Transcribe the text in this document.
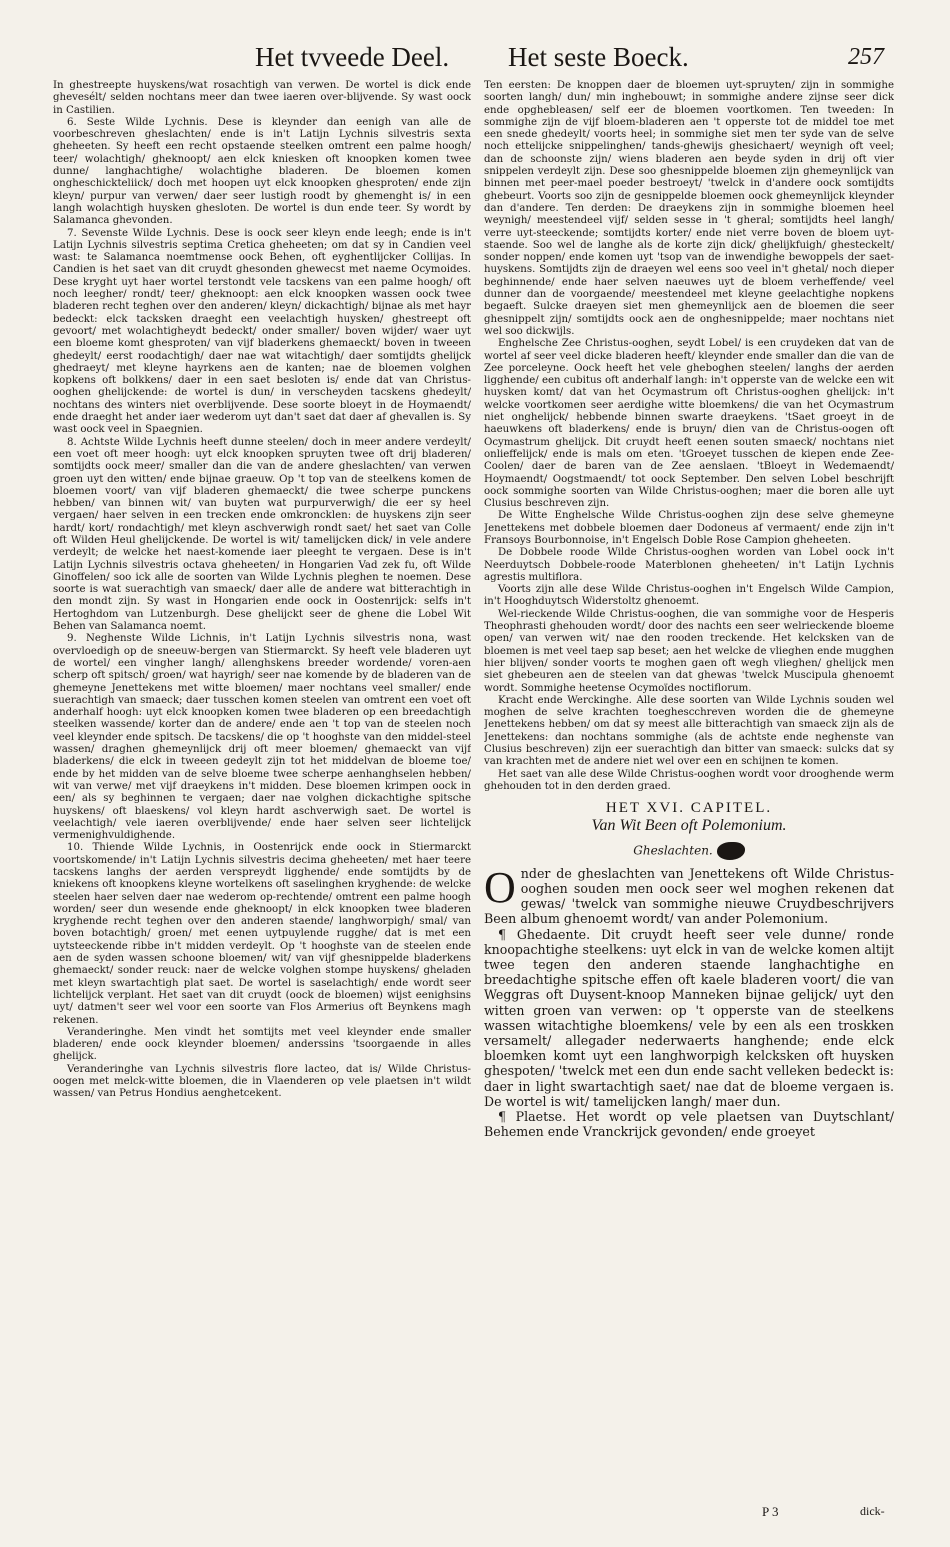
Het tvveede Deel. Het seste Boeck.	257

In ghestreepte huyskens/wat rosachtigh van verwen. De wortel is dick ende ghevesélt/ selden nochtans meer dan twee iaeren over-blijvende. Sy wast oock in Castilien.

6. Seste Wilde Lychnis. Dese is kleynder dan eenigh van alle de voorbeschreven gheslachten/ ende is in't Latijn Lychnis silvestris sexta gheheeten. Sy heeft een recht opstaende steelken omtrent een palme hoogh/ teer/ wolachtigh/ gheknoopt/ aen elck kniesken oft knoopken komen twee dunne/ langhachtighe/ wolachtighe bladeren. De bloemen komen ongheschickteliick/ doch met hoopen uyt elck knoopken ghesproten/ ende zijn kleyn/ purpur van verwen/ daer seer lustigh roodt by ghemenght is/ in een langh wolachtigh huysken ghesloten. De wortel is dun ende teer. Sy wordt by Salamanca ghevonden.

7. Sevenste Wilde Lychnis. Dese is oock seer kleyn ende leegh; ende is in't Latijn Lychnis silvestris septima Cretica gheheeten; om dat sy in Candien veel wast: te Salamanca noemtmense oock Behen, oft eyghentlijcker Collijas. In Candien is het saet van dit cruydt ghesonden ghewecst met naeme Ocymoides. Dese kryght uyt haer wortel terstondt vele tacskens van een palme hoogh/ oft noch leegher/ rondt/ teer/ gheknoopt: aen elck knoopken wassen oock twee bladeren recht teghen over den anderen/ kleyn/ dickachtigh/ bijnae als met hayr bedeckt: elck tacksken draeght een veelachtigh huysken/ ghestreept oft gevoort/ met wolachtigheydt bedeckt/ onder smaller/ boven wijder/ waer uyt een bloeme komt ghesproten/ van vijf bladerkens ghemaeckt/ boven in tweeen ghedeylt/ eerst roodachtigh/ daer nae wat witachtigh/ daer somtijdts ghelijck ghedraeyt/ met kleyne hayrkens aen de kanten; nae de bloemen volghen kopkens oft bolkkens/ daer in een saet besloten is/ ende dat van Christus-ooghen ghelijckende: de wortel is dun/ in verscheyden tacskens ghedeylt/ nochtans des winters niet overblijvende. Dese soorte bloeyt in de Hoymaendt/ ende draeght het ander iaer wederom uyt dan't saet dat daer af ghevallen is. Sy wast oock veel in Spaegnien.

8. Achtste Wilde Lychnis heeft dunne steelen/ doch in meer andere verdeylt/ een voet oft meer hoogh: uyt elck knoopken spruyten twee oft drij bladeren/ somtijdts oock meer/ smaller dan die van de andere gheslachten/ van verwen groen uyt den witten/ ende bijnae graeuw. Op 't top van de steelkens komen de bloemen voort/ van vijf bladeren ghemaeckt/ die twee scherpe punckens hebben/ van binnen wit/ van buyten wat purpurverwigh/ die eer sy heel vergaen/ haer selven in een trecken ende omkroncklen: de huyskens zijn seer hardt/ kort/ rondachtigh/ met kleyn aschverwigh rondt saet/ het saet van Colle oft Wilden Heul ghelijckende. De wortel is wit/ tamelijcken dick/ in vele andere verdeylt; de welcke het naest-komende iaer pleeght te vergaen. Dese is in't Latijn Lychnis silvestris octava gheheeten/ in Hongarien Vad zek fu, oft Wilde Ginoffelen/ soo ick alle de soorten van Wilde Lychnis pleghen te noemen. Dese soorte is wat suerachtigh van smaeck/ daer alle de andere wat bitterachtigh in den mondt zijn. Sy wast in Hongarien ende oock in Oostenrijck: selfs in't Hertoghdom van Lutzenburgh. Dese ghelijckt seer de ghene die Lobel Wit Behen van Salamanca noemt.

9. Neghenste Wilde Lichnis, in't Latijn Lychnis silvestris nona, wast overvloedigh op de sneeuw-bergen van Stiermarckt. Sy heeft vele bladeren uyt de wortel/ een vingher langh/ allenghskens breeder wordende/ voren-aen scherp oft spitsch/ groen/ wat hayrigh/ seer nae komende by de bladeren van de ghemeyne Jenettekens met witte bloemen/ maer nochtans veel smaller/ ende suerachtigh van smaeck; daer tusschen komen steelen van omtrent een voet oft anderhalf hoogh: uyt elck knoopken komen twee bladeren op een breedachtigh steelken wassende/ korter dan de andere/ ende aen 't top van de steelen noch veel kleynder ende spitsch. De tacskens/ die op 't hooghste van den middel-steel wassen/ draghen ghemeynlijck drij oft meer bloemen/ ghemaeckt van vijf bladerkens/ die elck in tweeen gedeylt zijn tot het middelvan de bloeme toe/ ende by het midden van de selve bloeme twee scherpe aenhanghselen hebben/ wit van verwe/ met vijf draeykens in't midden. Dese bloemen krimpen oock in een/ als sy beghinnen te vergaen; daer nae volghen dickachtighe spitsche huyskens/ oft blaeskens/ vol kleyn hardt aschverwigh saet. De wortel is veelachtigh/ vele iaeren overblijvende/ ende haer selven seer lichtelijck vermenighvuldighende.

10. Thiende Wilde Lychnis, in Oostenrijck ende oock in Stiermarckt voortskomende/ in't Latijn Lychnis silvestris decima gheheeten/ met haer teere tacskens langhs der aerden verspreydt ligghende/ ende somtijdts by de kniekens oft knoopkens kleyne wortelkens oft saselinghen kryghende: de welcke steelen haer selven daer nae wederom op-rechtende/ omtrent een palme hoogh worden/ seer dun wesende ende gheknoopt/ in elck knoopken twee bladeren kryghende recht teghen over den anderen staende/ langhworpigh/ smal/ van boven botachtigh/ groen/ met eenen uytpuylende rugghe/ dat is met een uytsteeckende ribbe in't midden verdeylt. Op 't hooghste van de steelen ende aen de syden wassen schoone bloemen/ wit/ van vijf ghesnippelde bladerkens ghemaeckt/ sonder reuck: naer de welcke volghen stompe huyskens/ gheladen met kleyn swartachtigh plat saet. De wortel is saselachtigh/ ende wordt seer lichtelijck verplant. Het saet van dit cruydt (oock de bloemen) wijst eenighsins uyt/ datmen't seer wel voor een soorte van Flos Armerius oft Beynkens magh rekenen.

Veranderinghe. Men vindt het somtijts met veel kleynder ende smaller bladeren/ ende oock kleynder bloemen/ anderssins 'tsoorgaende in alles ghelijck.

Veranderinghe van Lychnis silvestris flore lacteo, dat is/ Wilde Christus-oogen met melck-witte bloemen, die in Vlaenderen op vele plaetsen in't wildt wassen/ van Petrus Hondius aenghetcekent.

Ten eersten: De knoppen daer de bloemen uyt-spruyten/ zijn in sommighe soorten langh/ dun/ min inghebouwt; in sommighe andere zijnse seer dick ende opghebleasen/ self eer de bloemen voortkomen. Ten tweeden: In sommighe zijn de vijf bloem-bladeren aen 't opperste tot de middel toe met een snede ghedeylt/ voorts heel; in sommighe siet men ter syde van de selve noch ettelijcke snippelinghen/ tands-ghewijs ghesichaert/ weynigh oft veel; dan de schoonste zijn/ wiens bladeren aen beyde syden in drij oft vier snippelen verdeylt zijn. Dese soo ghesnippelde bloemen zijn ghemeynlijck van binnen met peer-mael poeder bestroeyt/ 'twelck in d'andere oock somtijdts ghebeurt. Voorts soo zijn de gesnippelde bloemen oock ghemeynlijck kleynder dan d'andere. Ten derden: De draeykens zijn in sommighe bloemen heel weynigh/ meestendeel vijf/ selden sesse in 't gheral; somtijdts heel langh/ verre uyt-steeckende; somtijdts korter/ ende niet verre boven de bloem uyt-staende. Soo wel de langhe als de korte zijn dick/ ghelijkfuigh/ ghesteckelt/ sonder noppen/ ende komen uyt 'tsop van de inwendighe bewoppels der saet-huyskens. Somtijdts zijn de draeyen wel eens soo veel in't ghetal/ noch dieper beghinnende/ ende haer selven naeuwes uyt de bloem verheffende/ veel dunner dan de voorgaende/ meestendeel met kleyne geelachtighe nopkens begaeft. Sulcke draeyen siet men ghemeynlijck aen de bloemen die seer ghesnippelt zijn/ somtijdts oock aen de onghesnippelde; maer nochtans niet wel soo dickwijls.

Enghelsche Zee Christus-ooghen, seydt Lobel/ is een cruydeken dat van de wortel af seer veel dicke bladeren heeft/ kleynder ende smaller dan die van de Zee porceleyne. Oock heeft het vele gheboghen steelen/ langhs der aerden ligghende/ een cubitus oft anderhalf langh: in't opperste van de welcke een wit huysken komt/ dat van het Ocymastrum oft Christus-ooghen ghelijck: in't welcke voortkomen seer aerdighe witte bloemkens/ die van het Ocymastrum niet onghelijck/ hebbende binnen swarte draeykens. 'tSaet groeyt in de haeuwkens oft bladerkens/ ende is bruyn/ dien van de Christus-oogen oft Ocymastrum ghelijck. Dit cruydt heeft eenen souten smaeck/ nochtans niet onlieffelijck/ ende is mals om eten. 'tGroeyet tusschen de kiepen ende Zee-Coolen/ daer de baren van de Zee aenslaen. 'tBloeyt in Wedemaendt/ Hoymaendt/ Oogstmaendt/ tot oock September. Den selven Lobel beschrijft oock sommighe soorten van Wilde Christus-ooghen; maer die boren alle uyt Clusius beschreven zijn.

De Witte Enghelsche Wilde Christus-ooghen zijn dese selve ghemeyne Jenettekens met dobbele bloemen daer Dodoneus af vermaent/ ende zijn in't Fransoys Bourbonnoise, in't Engelsch Doble Rose Campion gheheeten.

De Dobbele roode Wilde Christus-ooghen worden van Lobel oock in't Neerduytsch Dobbele-roode Materblonen gheheeten/ in't Latijn Lychnis agrestis multiflora.

Voorts zijn alle dese Wilde Christus-ooghen in't Engelsch Wilde Campion, in't Hooghduytsch Widerstoltz ghenoemt.

Wel-rieckende Wilde Christus-ooghen, die van sommighe voor de Hesperis Theophrasti ghehouden wordt/ door des nachts een seer welrieckende bloeme open/ van verwen wit/ nae den rooden treckende. Het kelcksken van de bloemen is met veel taep sap beset; aen het welcke de vlieghen ende mugghen hier blijven/ sonder voorts te moghen gaen oft wegh vlieghen/ ghelijck men siet ghebeuren aen de steelen van dat ghewas 'twelck Muscipula ghenoemt wordt. Sommighe heetense Ocymoïdes noctiflorum.

Kracht ende Werckinghe. Alle dese soorten van Wilde Lychnis souden wel moghen de selve krachten toeghescchreven worden die de ghemeyne Jenettekens hebben/ om dat sy meest alle bitterachtigh van smaeck zijn als de Jenettekens: dan nochtans sommighe (als de achtste ende neghenste van Clusius beschreven) zijn eer suerachtigh dan bitter van smaeck: sulcks dat sy van krachten met de andere niet wel over een en schijnen te komen.

Het saet van alle dese Wilde Christus-ooghen wordt voor drooghende werm ghehouden tot in den derden graed.

HET XVI. CAPITEL.
Van Wit Been oft Polemonium.
Gheslachten.

Onder de gheslachten van Jenettekens oft Wilde Christus-ooghen souden men oock seer wel moghen rekenen dat gewas/ 'twelck van sommighe nieuwe Cruydbeschrijvers Been album ghenoemt wordt/ van ander Polemonium.

¶ Ghedaente. Dit cruydt heeft seer vele dunne/ ronde knoopachtighe steelkens: uyt elck in van de welcke komen altijt twee tegen den anderen staende langhachtighe en breedachtighe spitsche effen oft kaele bladeren voort/ die van Weggras oft Duysent-knoop Manneken bijnae gelijck/ uyt den witten groen van verwen: op 't opperste van de steelkens wassen witachtighe bloemkens/ vele by een als een troskken versamelt/ allegader nederwaerts hanghende; ende elck bloemken komt uyt een langhworpigh kelcksken oft huysken ghespoten/ 'twelck met een dun ende sacht velleken bedeckt is: daer in light swartachtigh saet/ nae dat de bloeme vergaen is. De wortel is wit/ tamelijcken langh/ maer dun.

¶ Plaetse. Het wordt op vele plaetsen van Duytschlant/ Behemen ende Vranckrijck gevonden/ ende groeyet

P 3	dick-
